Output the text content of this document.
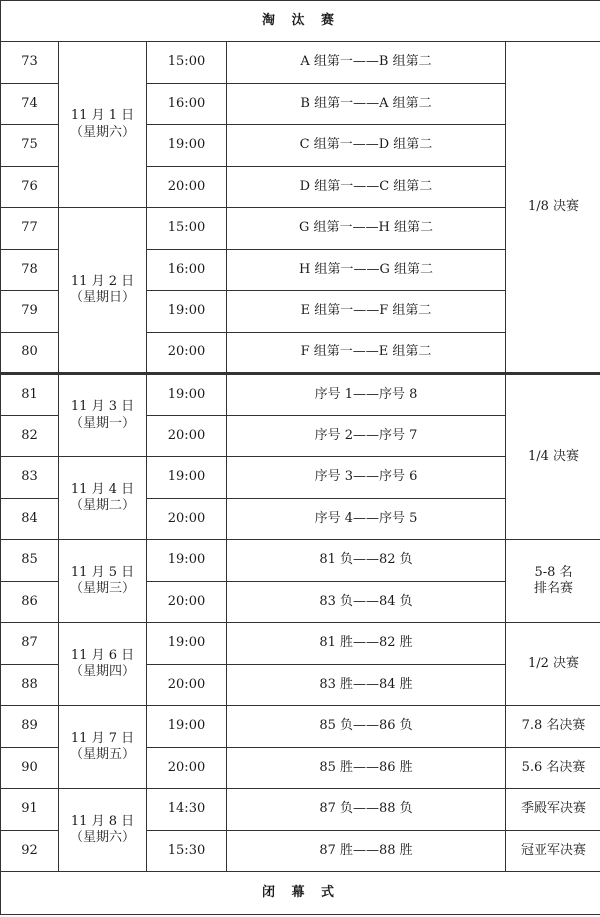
淘 汰 赛				
73	11 月 1 日
（星期六）	15:00	A 组第一——B 组第二	1/8 决赛
74		16:00	B 组第一——A 组第二	
75		19:00	C 组第一——D 组第二	
76		20:00	D 组第一——C 组第二	
77	11 月 2 日
（星期日）	15:00	G 组第一——H 组第二	
78		16:00	H 组第一——G 组第二	
79		19:00	E 组第一——F 组第二	
80		20:00	F 组第一——E 组第二	
81	11 月 3 日
（星期一）	19:00	序号 1——序号 8	1/4 决赛
82		20:00	序号 2——序号 7	
83	11 月 4 日
（星期二）	19:00	序号 3——序号 6	
84		20:00	序号 4——序号 5	
85	11 月 5 日
（星期三）	19:00	81 负——82 负	5-8 名
排名赛

86		20:00	83 负——84 负	
87	11 月 6 日
（星期四）	19:00	81 胜——82 胜	1/2 决赛
88		20:00	83 胜——84 胜	
89	11 月 7 日
（星期五）	19:00	85 负——86 负	7.8 名决赛
90		20:00	85 胜——86 胜	5.6 名决赛
91	11 月 8 日
（星期六）	14:30	87 负——88 负	季殿军决赛
92		15:30	87 胜——88 胜	冠亚军决赛
闭 幕 式				
